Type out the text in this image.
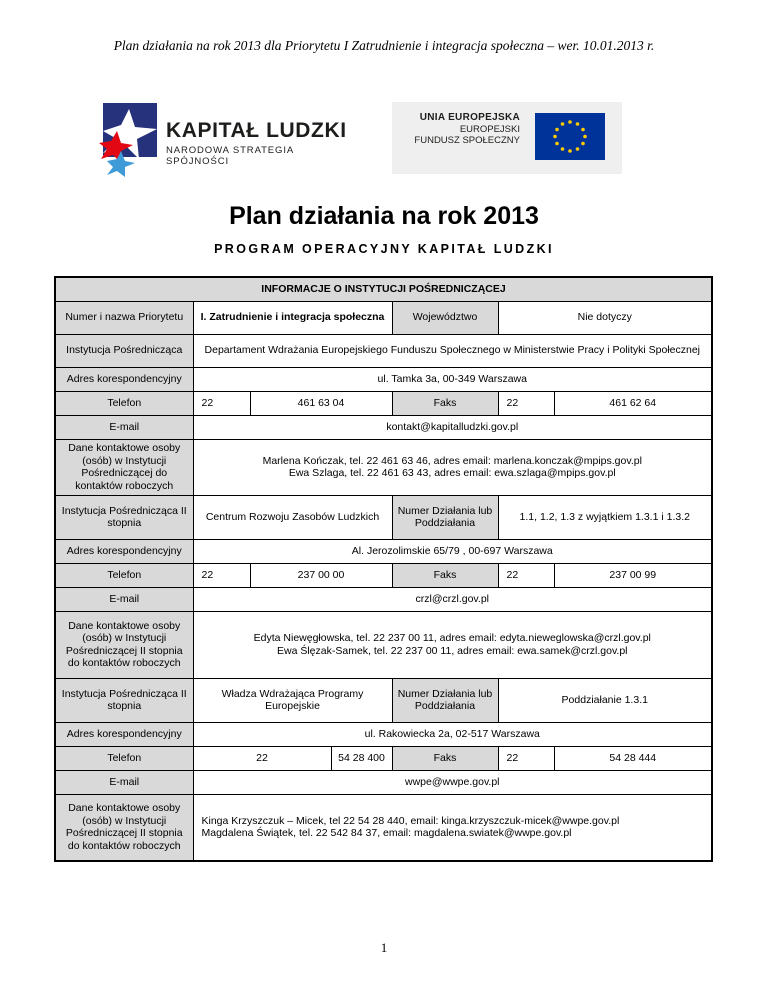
Plan działania na rok 2013 dla Priorytetu I Zatrudnienie i integracja społeczna – wer. 10.01.2013 r.
KAPITAŁ LUDZKI
NARODOWA STRATEGIA SPÓJNOŚCI
UNIA EUROPEJSKA
EUROPEJSKI
FUNDUSZ SPOŁECZNY
Plan działania na rok 2013
PROGRAM OPERACYJNY KAPITAŁ LUDZKI
INFORMACJE O INSTYTUCJI POŚREDNICZĄCEJ						
Numer i nazwa Priorytetu	I. Zatrudnienie i integracja społeczna			Województwo	Nie dotyczy	
Instytucja Pośrednicząca	Departament Wdrażania Europejskiego Funduszu Społecznego w Ministerstwie Pracy i Polityki Społecznej					
Adres korespondencyjny	ul. Tamka 3a, 00-349 Warszawa					
Telefon	22	461 63 04		Faks	22	461 62 64
E-mail	kontakt@kapitalludzki.gov.pl					
Dane kontaktowe osoby (osób) w Instytucji Pośredniczącej do kontaktów roboczych	Marlena Kończak, tel. 22 461 63 46, adres email: marlena.konczak@mpips.gov.pl
Ewa Szlaga, tel. 22 461 63 43, adres email: ewa.szlaga@mpips.gov.pl					

Instytucja Pośrednicząca II stopnia	Centrum Rozwoju Zasobów Ludzkich			Numer Działania lub Poddziałania	1.1, 1.2, 1.3 z wyjątkiem 1.3.1 i 1.3.2	
Adres korespondencyjny	Al. Jerozolimskie 65/79 , 00-697 Warszawa					
Telefon	22	237 00 00		Faks	22	237 00 99
E-mail	crzl@crzl.gov.pl					
Dane kontaktowe osoby (osób) w Instytucji Pośredniczącej II stopnia do kontaktów roboczych	Edyta Niewęgłowska, tel. 22 237 00 11, adres email: edyta.nieweglowska@crzl.gov.pl
Ewa Ślęzak-Samek, tel. 22 237 00 11, adres email: ewa.samek@crzl.gov.pl					

Instytucja Pośrednicząca II stopnia	Władza Wdrażająca Programy Europejskie			Numer Działania lub Poddziałania	Poddziałanie 1.3.1	
Adres korespondencyjny	ul. Rakowiecka 2a, 02-517 Warszawa					
Telefon	22		54 28 400	Faks	22	54 28 444
E-mail	wwpe@wwpe.gov.pl					
Dane kontaktowe osoby (osób) w Instytucji Pośredniczącej II stopnia do kontaktów roboczych	Kinga Krzyszczuk – Micek, tel 22 54 28 440, email: kinga.krzyszczuk-micek@wwpe.gov.pl
Magdalena Świątek, tel. 22 542 84 37, email: magdalena.swiatek@wwpe.gov.pl					
1
